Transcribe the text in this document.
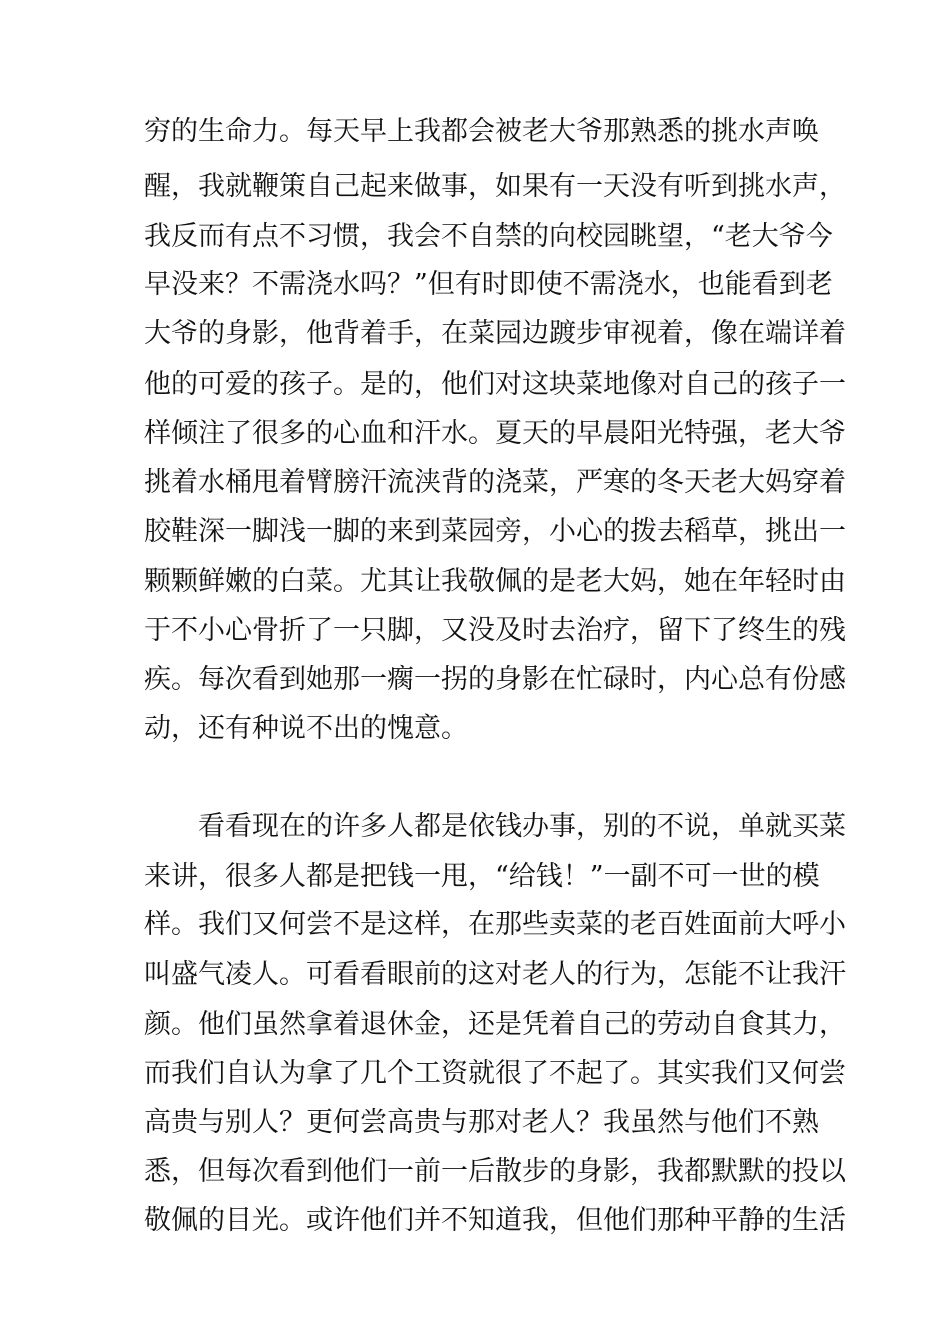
穷的生命力。每天早上我都会被老大爷那熟悉的挑水声唤
醒，我就鞭策自己起来做事，如果有一天没有听到挑水声，
我反而有点不习惯，我会不自禁的向校园眺望，“老大爷今
早没来？不需浇水吗？”但有时即使不需浇水，也能看到老
大爷的身影，他背着手，在菜园边踱步审视着，像在端详着
他的可爱的孩子。是的，他们对这块菜地像对自己的孩子一
样倾注了很多的心血和汗水。夏天的早晨阳光特强，老大爷
挑着水桶甩着臂膀汗流浃背的浇菜，严寒的冬天老大妈穿着
胶鞋深一脚浅一脚的来到菜园旁，小心的拨去稻草，挑出一
颗颗鲜嫩的白菜。尤其让我敬佩的是老大妈，她在年轻时由
于不小心骨折了一只脚，又没及时去治疗，留下了终生的残
疾。每次看到她那一瘸一拐的身影在忙碌时，内心总有份感
动，还有种说不出的愧意。
看看现在的许多人都是依钱办事，别的不说，单就买菜
来讲，很多人都是把钱一甩，“给钱！”一副不可一世的模
样。我们又何尝不是这样，在那些卖菜的老百姓面前大呼小
叫盛气凌人。可看看眼前的这对老人的行为，怎能不让我汗
颜。他们虽然拿着退休金，还是凭着自己的劳动自食其力，
而我们自认为拿了几个工资就很了不起了。其实我们又何尝
高贵与别人？更何尝高贵与那对老人？我虽然与他们不熟
悉，但每次看到他们一前一后散步的身影，我都默默的投以
敬佩的目光。或许他们并不知道我，但他们那种平静的生活
